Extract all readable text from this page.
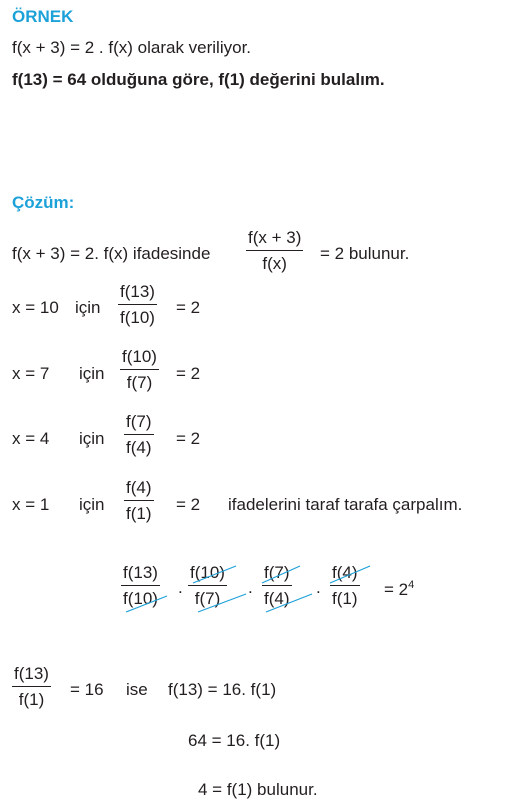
ÖRNEK
f(x + 3) = 2 . f(x) olarak veriliyor.
f(13) = 64 olduğuna göre, f(1) değerini bulalım.
Çözüm:
f(x + 3) = 2. f(x) ifadesinde
f(x + 3)
f(x)
= 2 bulunur.
x = 10 için
f(13)
f(10)
= 2
x = 7 için
f(10)
f(7)	= 2
x = 4 için
f(7)
f(4) = 2
x = 1 için
f(4)
f(1) = 2 ifadelerini taraf tarafa çarpalım.
f(13)
f(10)
.
f(10)
f(7)
.
f(7)
f(4)
.
f(4)
$f(1) = 2^4$
f(13)
f(1)
= 16 ise f(13) = 16. f(1)
64 = 16. f(1)
4 = f(1) bulunur.
